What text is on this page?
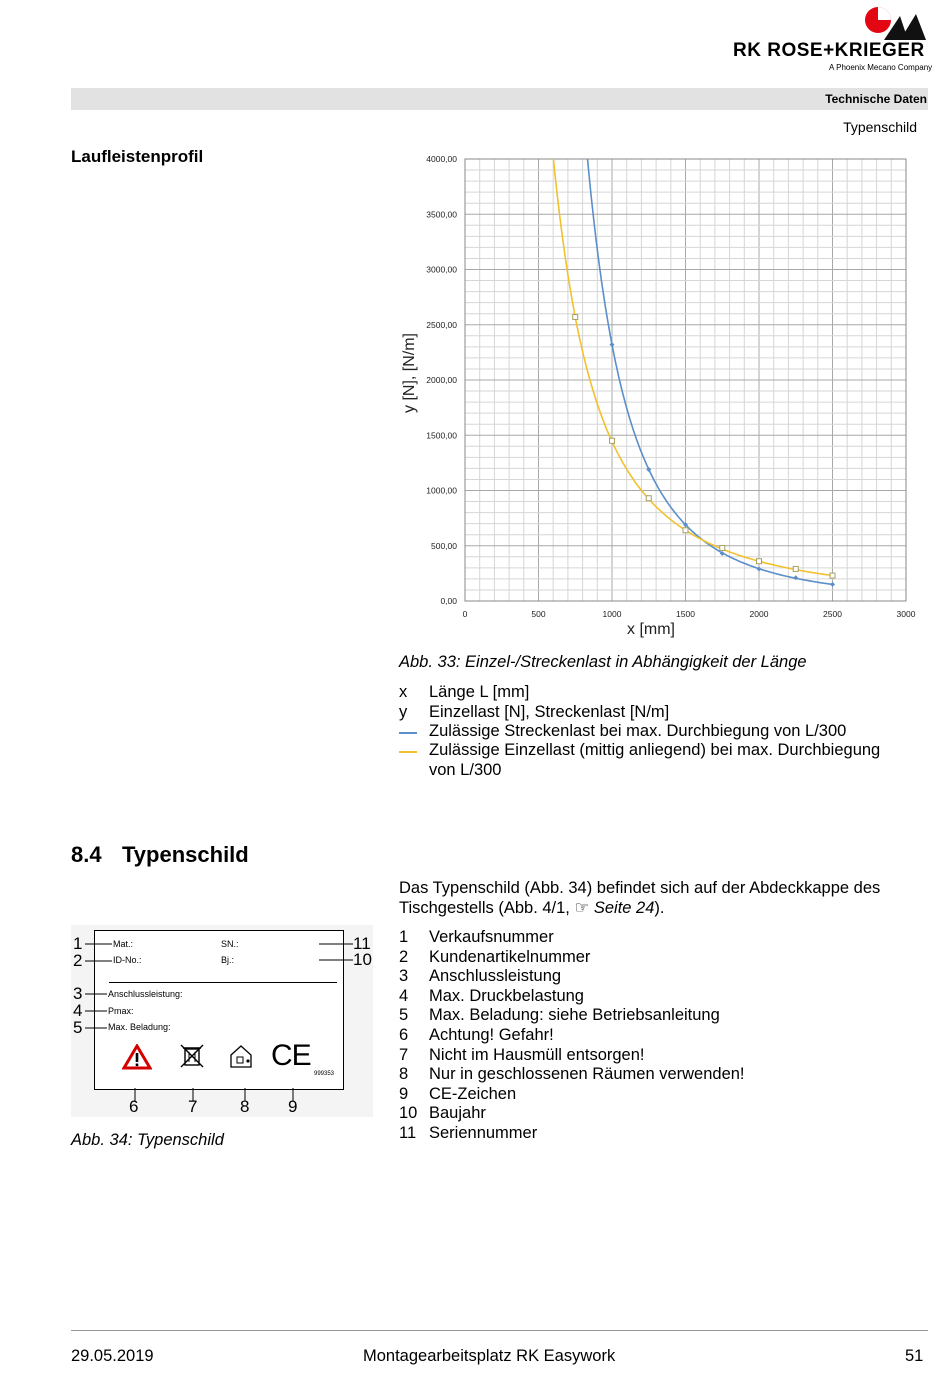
RK ROSE+KRIEGER
A Phoenix Mecano Company
Technische Daten
Typenschild
Laufleistenprofil
0,00
500,00
1000,00
1500,00
2000,00
2500,00
3000,00
3500,00
4000,00
0	500	1000	1500	2000	2500	3000
x [mm]
y [N], [N/m]
Abb. 33: Einzel-/Streckenlast in Abhängigkeit der Länge
x	Länge L [mm]
y	Einzellast [N], Streckenlast [N/m]
Zulässige Streckenlast bei max. Durchbiegung von L/300
Zulässige Einzellast (mittig anliegend) bei max. Durchbiegung
von L/300
8.4 Typenschild
Das Typenschild (Abb. 34) befindet sich auf der Abdeckkappe des Tischgestells (Abb. 4/1, ☞ Seite 24).
1 Verkaufsnummer
2 Kundenartikelnummer
3 Anschlussleistung
4 Max. Druckbelastung
5 Max. Beladung: siehe Betriebsanleitung
6 Achtung! Gefahr!
7 Nicht im Hausmüll entsorgen!
8 Nur in geschlossenen Räumen verwenden!
9 CE-Zeichen
10 Baujahr
11 Seriennummer
Mat.:	SN.:
ID-No.:	Bj.:
Anschlussleistung:
Pmax:
Max. Beladung:
CE
999353
1
2
3
4
5
11
10
6	7	8 9
Abb. 34: Typenschild
29.05.2019	Montagearbeitsplatz RK Easywork	51
